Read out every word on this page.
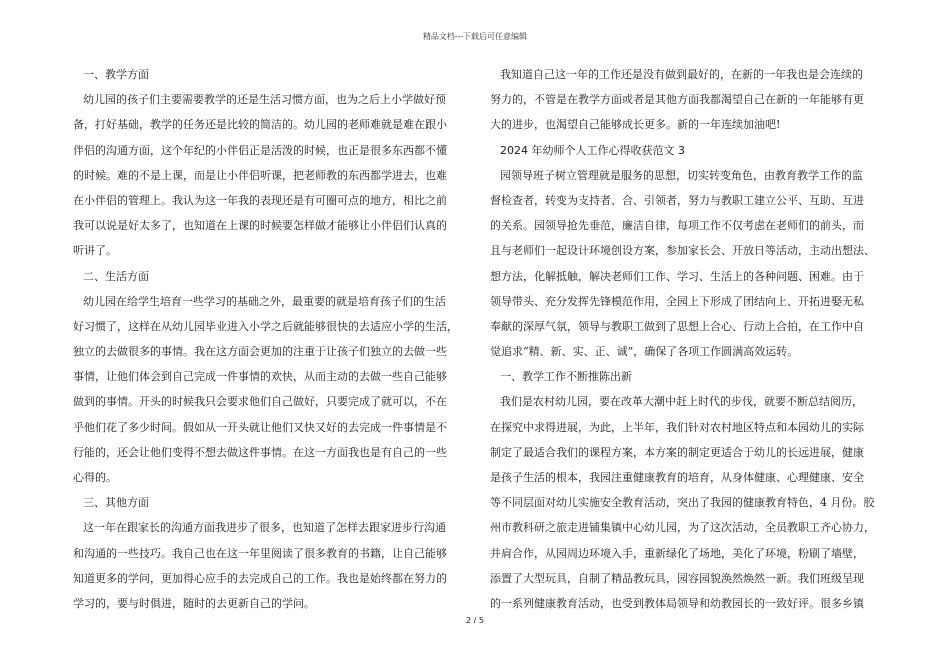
精品文档---下载后可任意编辑
一、教学方面
幼儿园的孩子们主要需要教学的还是生活习惯方面，也为之后上小学做好预
备，打好基础，教学的任务还是比较的简洁的。幼儿园的老师难就是难在跟小
伴侣的沟通方面，这个年纪的小伴侣正是活泼的时候，也正是很多东西都不懂
的时候。难的不是上课，而是让小伴侣听课，把老师教的东西都学进去，也难
在小伴侣的管理上。我认为这一年我的表现还是有可圈可点的地方，相比之前
我可以说是好太多了，也知道在上课的时候要怎样做才能够让小伴侣们认真的
听讲了。
二、生活方面
幼儿园在给学生培育一些学习的基础之外，最重要的就是培育孩子们的生活
好习惯了，这样在从幼儿园毕业进入小学之后就能够很快的去适应小学的生活，
独立的去做很多的事情。我在这方面会更加的注重于让孩子们独立的去做一些
事情，让他们体会到自己完成一件事情的欢快，从而主动的去做一些自己能够
做到的事情。开头的时候我只会要求他们自己做好，只要完成了就可以，不在
乎他们花了多少时间。假如从一开头就让他们又快又好的去完成一件事情是不
行能的，还会让他们变得不想去做这件事情。在这一方面我也是有自己的一些
心得的。
三、其他方面
这一年在跟家长的沟通方面我进步了很多，也知道了怎样去跟家进步行沟通
和沟通的一些技巧。我自己也在这一年里阅读了很多教育的书籍，让自己能够
知道更多的学问，更加得心应手的去完成自己的工作。我也是始终都在努力的
学习的，要与时俱进，随时的去更新自己的学问。
我知道自己这一年的工作还是没有做到最好的，在新的一年我也是会连续的
努力的，不管是在教学方面或者是其他方面我都渴望自己在新的一年能够有更
大的进步，也渴望自己能够成长更多。新的一年连续加油吧!
2024 年幼师个人工作心得收获范文 3
园领导班子树立管理就是服务的思想，切实转变角色，由教育教学工作的监
督检查者，转变为支持者、合、引领者，努力与教职工建立公平、互助、互进
的关系。园领导抢先垂范，廉洁自律，每项工作不仅考虑在老师们的前头，而
且与老师们一起设计环境创设方案，参加家长会、开放日等活动，主动出想法、
想方法，化解抵触，解决老师们工作、学习、生活上的各种问题、困难。由于
领导带头、充分发挥先锋模范作用，全园上下形成了团结向上、开拓进娶无私
奉献的深厚气氛，领导与教职工做到了思想上合心、行动上合拍，在工作中自
觉追求“精、新、实、正、诚”，确保了各项工作圆满高效运转。
一、教学工作不断推陈出新
我们是农村幼儿园，要在改革大潮中赶上时代的步伐，就要不断总结阅历，
在探究中求得进展，为此，上半年，我们针对农村地区特点和本园幼儿的实际
制定了最适合我们的课程方案，本方案的制定更适合于幼儿的长远进展，健康
是孩子生活的根本，我园注重健康教育的培育，从身体健康、心理健康、安全
等不同层面对幼儿实施安全教育活动，突出了我园的健康教育特色，4 月份。胶
州市教科研之旅走进铺集镇中心幼儿园，为了这次活动，全员教职工齐心协力，
并肩合作，从园周边环境入手，重新绿化了场地，美化了环境，粉刷了墙壁，
添置了大型玩具，自制了精品教玩具，园容园貌涣然焕然一新。我们班级呈现
的一系列健康教育活动，也受到教体局领导和幼教园长的一致好评。很多乡镇
2 / 5
